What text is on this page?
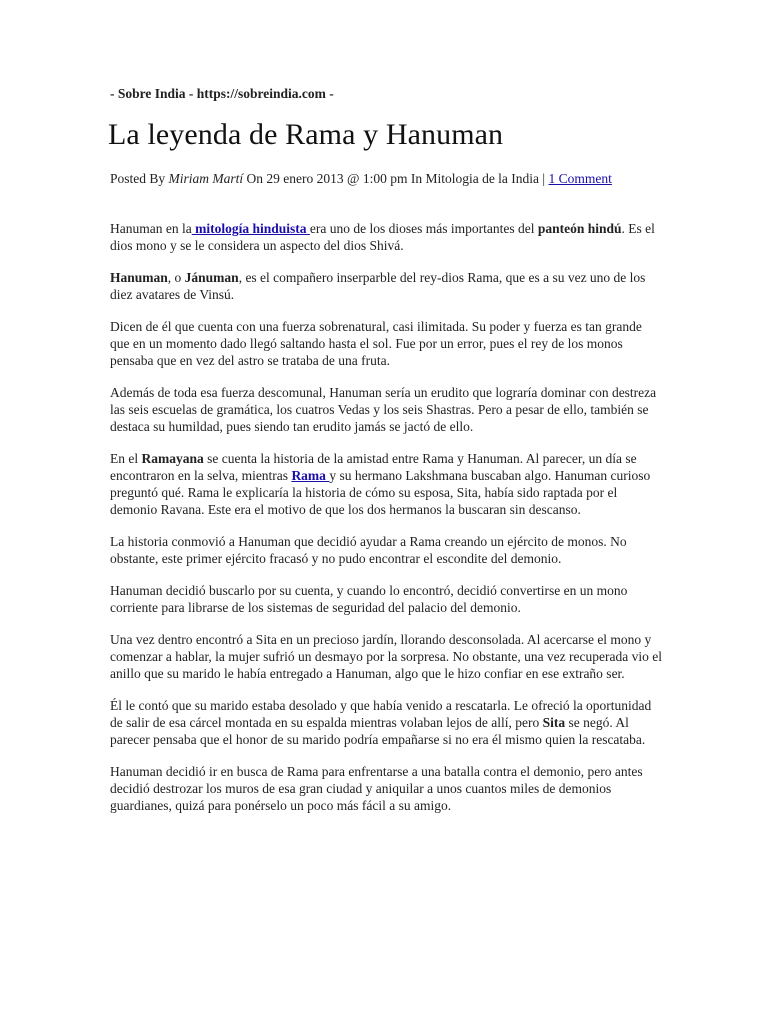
- Sobre India - https://sobreindia.com -
La leyenda de Rama y Hanuman
Posted By Miriam Martí On 29 enero 2013 @ 1:00 pm In Mitologia de la India | 1 Comment

Hanuman en la mitología hinduista era uno de los dioses más importantes del panteón hindú. Es el dios mono y se le considera un aspecto del dios Shivá.

Hanuman, o Jánuman, es el compañero inserparble del rey-dios Rama, que es a su vez uno de los diez avatares de Vinsú.

Dicen de él que cuenta con una fuerza sobrenatural, casi ilimitada. Su poder y fuerza es tan grande que en un momento dado llegó saltando hasta el sol. Fue por un error, pues el rey de los monos pensaba que en vez del astro se trataba de una fruta.

Además de toda esa fuerza descomunal, Hanuman sería un erudito que lograría dominar con destreza las seis escuelas de gramática, los cuatros Vedas y los seis Shastras. Pero a pesar de ello, también se destaca su humildad, pues siendo tan erudito jamás se jactó de ello.

En el Ramayana se cuenta la historia de la amistad entre Rama y Hanuman. Al parecer, un día se encontraron en la selva, mientras Rama y su hermano Lakshmana buscaban algo. Hanuman curioso preguntó qué. Rama le explicaría la historia de cómo su esposa, Sita, había sido raptada por el demonio Ravana. Este era el motivo de que los dos hermanos la buscaran sin descanso.

La historia conmovió a Hanuman que decidió ayudar a Rama creando un ejército de monos. No obstante, este primer ejército fracasó y no pudo encontrar el escondite del demonio.

Hanuman decidió buscarlo por su cuenta, y cuando lo encontró, decidió convertirse en un mono corriente para librarse de los sistemas de seguridad del palacio del demonio.

Una vez dentro encontró a Sita en un precioso jardín, llorando desconsolada. Al acercarse el mono y comenzar a hablar, la mujer sufrió un desmayo por la sorpresa. No obstante, una vez recuperada vio el anillo que su marido le había entregado a Hanuman, algo que le hizo confiar en ese extraño ser.

Él le contó que su marido estaba desolado y que había venido a rescatarla. Le ofreció la oportunidad de salir de esa cárcel montada en su espalda mientras volaban lejos de allí, pero Sita se negó. Al parecer pensaba que el honor de su marido podría empañarse si no era él mismo quien la rescataba.

Hanuman decidió ir en busca de Rama para enfrentarse a una batalla contra el demonio, pero antes decidió destrozar los muros de esa gran ciudad y aniquilar a unos cuantos miles de demonios guardianes, quizá para ponérselo un poco más fácil a su amigo.
